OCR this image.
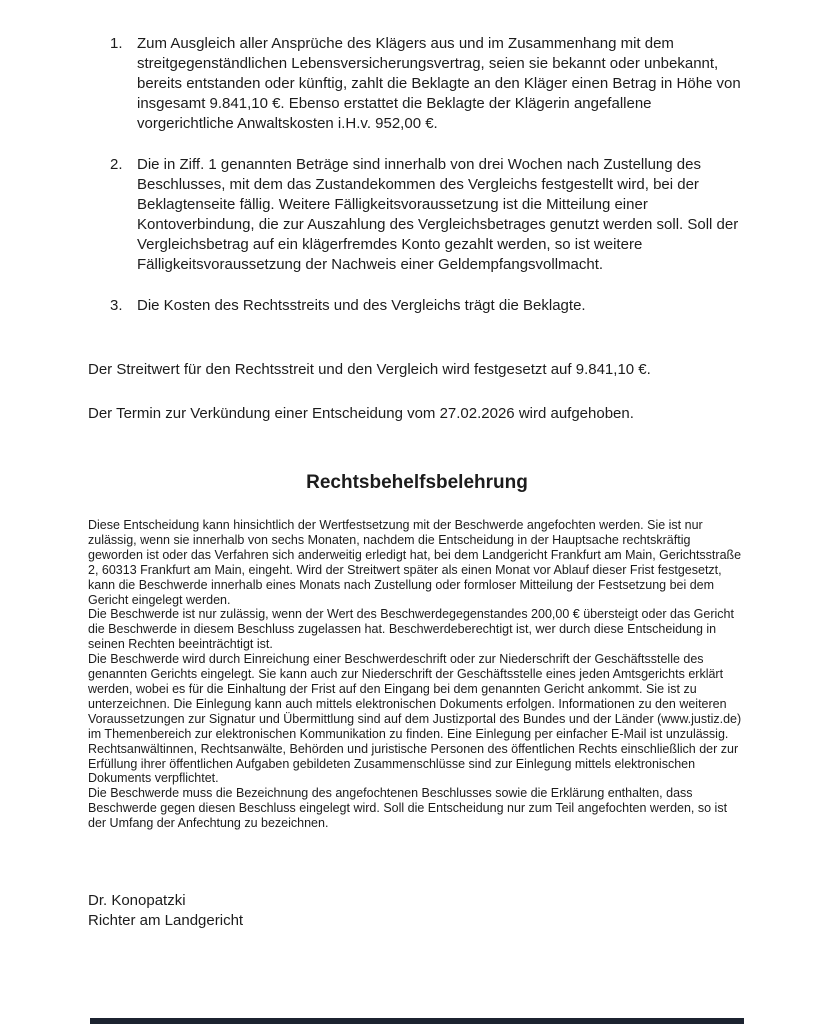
1. Zum Ausgleich aller Ansprüche des Klägers aus und im Zusammenhang mit dem streitgegenständlichen Lebensversicherungsvertrag, seien sie bekannt oder unbekannt, bereits entstanden oder künftig, zahlt die Beklagte an den Kläger einen Betrag in Höhe von insgesamt 9.841,10 €. Ebenso erstattet die Beklagte der Klägerin angefallene vorgerichtliche Anwaltskosten i.H.v. 952,00 €.
2. Die in Ziff. 1 genannten Beträge sind innerhalb von drei Wochen nach Zustellung des Beschlusses, mit dem das Zustandekommen des Vergleichs festgestellt wird, bei der Beklagtenseite fällig. Weitere Fälligkeitsvoraussetzung ist die Mitteilung einer Kontoverbindung, die zur Auszahlung des Vergleichsbetrages genutzt werden soll. Soll der Vergleichsbetrag auf ein klägerfremdes Konto gezahlt werden, so ist weitere Fälligkeitsvoraussetzung der Nachweis einer Geldempfangsvollmacht.
3. Die Kosten des Rechtsstreits und des Vergleichs trägt die Beklagte.
Der Streitwert für den Rechtsstreit und den Vergleich wird festgesetzt auf 9.841,10 €.
Der Termin zur Verkündung einer Entscheidung vom 27.02.2026 wird aufgehoben.
Rechtsbehelfsbelehrung

Diese Entscheidung kann hinsichtlich der Wertfestsetzung mit der Beschwerde angefochten werden. Sie ist nur zulässig, wenn sie innerhalb von sechs Monaten, nachdem die Entscheidung in der Hauptsache rechtskräftig geworden ist oder das Verfahren sich anderweitig erledigt hat, bei dem Landgericht Frankfurt am Main, Gerichtsstraße 2, 60313 Frankfurt am Main, eingeht. Wird der Streitwert später als einen Monat vor Ablauf dieser Frist festgesetzt, kann die Beschwerde innerhalb eines Monats nach Zustellung oder formloser Mitteilung der Festsetzung bei dem Gericht eingelegt werden.

Die Beschwerde ist nur zulässig, wenn der Wert des Beschwerdegegenstandes 200,00 € übersteigt oder das Gericht die Beschwerde in diesem Beschluss zugelassen hat. Beschwerdeberechtigt ist, wer durch diese Entscheidung in seinen Rechten beeinträchtigt ist.

Die Beschwerde wird durch Einreichung einer Beschwerdeschrift oder zur Niederschrift der Geschäftsstelle des genannten Gerichts eingelegt. Sie kann auch zur Niederschrift der Geschäftsstelle eines jeden Amtsgerichts erklärt werden, wobei es für die Einhaltung der Frist auf den Eingang bei dem genannten Gericht ankommt. Sie ist zu unterzeichnen. Die Einlegung kann auch mittels elektronischen Dokuments erfolgen. Informationen zu den weiteren Voraussetzungen zur Signatur und Übermittlung sind auf dem Justizportal des Bundes und der Länder (www.justiz.de) im Themenbereich zur elektronischen Kommunikation zu finden. Eine Einlegung per einfacher E-Mail ist unzulässig. Rechtsanwältinnen, Rechtsanwälte, Behörden und juristische Personen des öffentlichen Rechts einschließlich der zur Erfüllung ihrer öffentlichen Aufgaben gebildeten Zusammenschlüsse sind zur Einlegung mittels elektronischen Dokuments verpflichtet.

Die Beschwerde muss die Bezeichnung des angefochtenen Beschlusses sowie die Erklärung enthalten, dass Beschwerde gegen diesen Beschluss eingelegt wird. Soll die Entscheidung nur zum Teil angefochten werden, so ist der Umfang der Anfechtung zu bezeichnen.

Dr. Konopatzki
Richter am Landgericht
